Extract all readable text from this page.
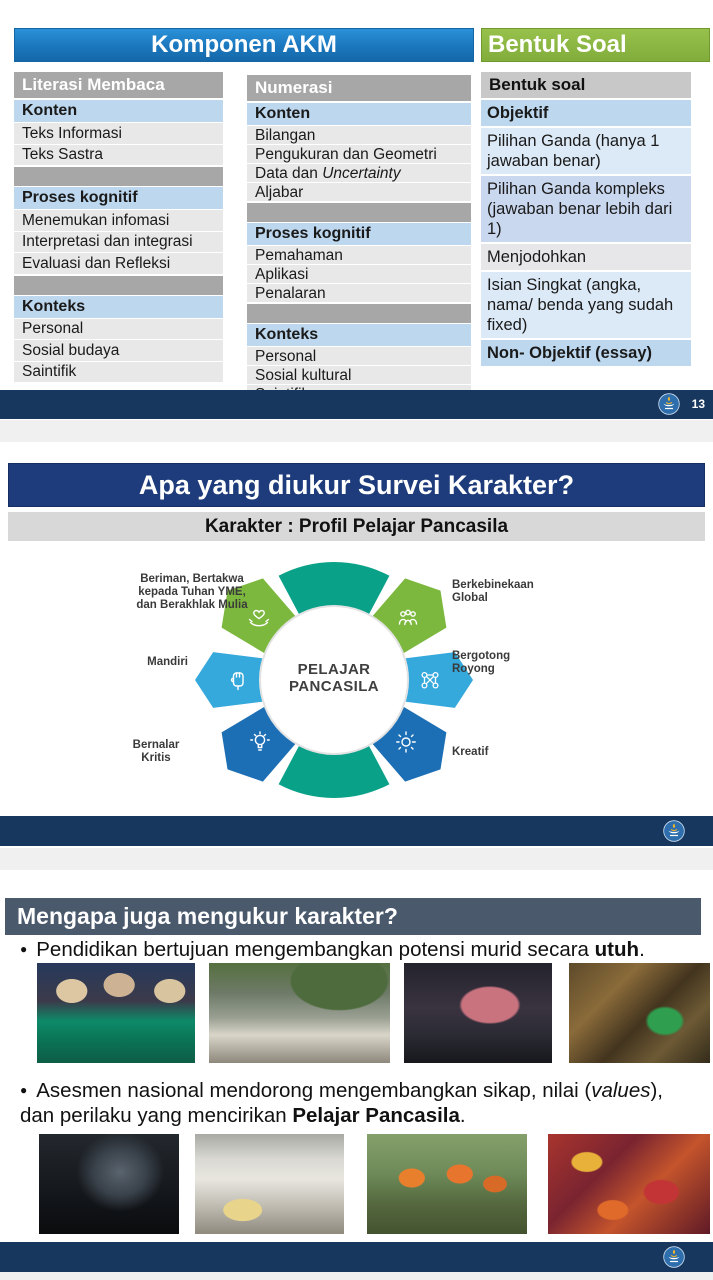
Komponen AKM	Bentuk Soal
Literasi Membaca
Konten
Teks Informasi
Teks Sastra
Proses kognitif
Menemukan infomasi
Interpretasi dan integrasi
Evaluasi dan Refleksi
Konteks
Personal
Sosial budaya
Saintifik
Numerasi
Konten
Bilangan
Pengukuran dan Geometri
Data dan Uncertainty
Aljabar
Proses kognitif
Pemahaman
Aplikasi
Penalaran
Konteks
Personal
Sosial kultural
Bentuk soal
Objektif
Pilihan Ganda (hanya 1 jawaban benar)
Pilihan Ganda kompleks (jawaban benar lebih dari 1)
Menjodohkan
Isian Singkat (angka, nama/ benda yang sudah fixed)
Non- Objektif (essay)
13
Apa yang diukur Survei Karakter?
Karakter : Profil Pelajar Pancasila
Beriman, Bertakwa
kepada Tuhan YME,
dan Berakhlak Mulia
Berkebinekaan
Global
Mandiri	Bergotong
Royong
Bernalar
Kritis	Kreatif
PELAJAR PANCASILA
Mengapa juga mengukur karakter?
● Pendidikan bertujuan mengembangkan potensi murid secara utuh.
● Asesmen nasional mendorong mengembangkan sikap, nilai (values),
dan perilaku yang mencirikan Pelajar Pancasila.
